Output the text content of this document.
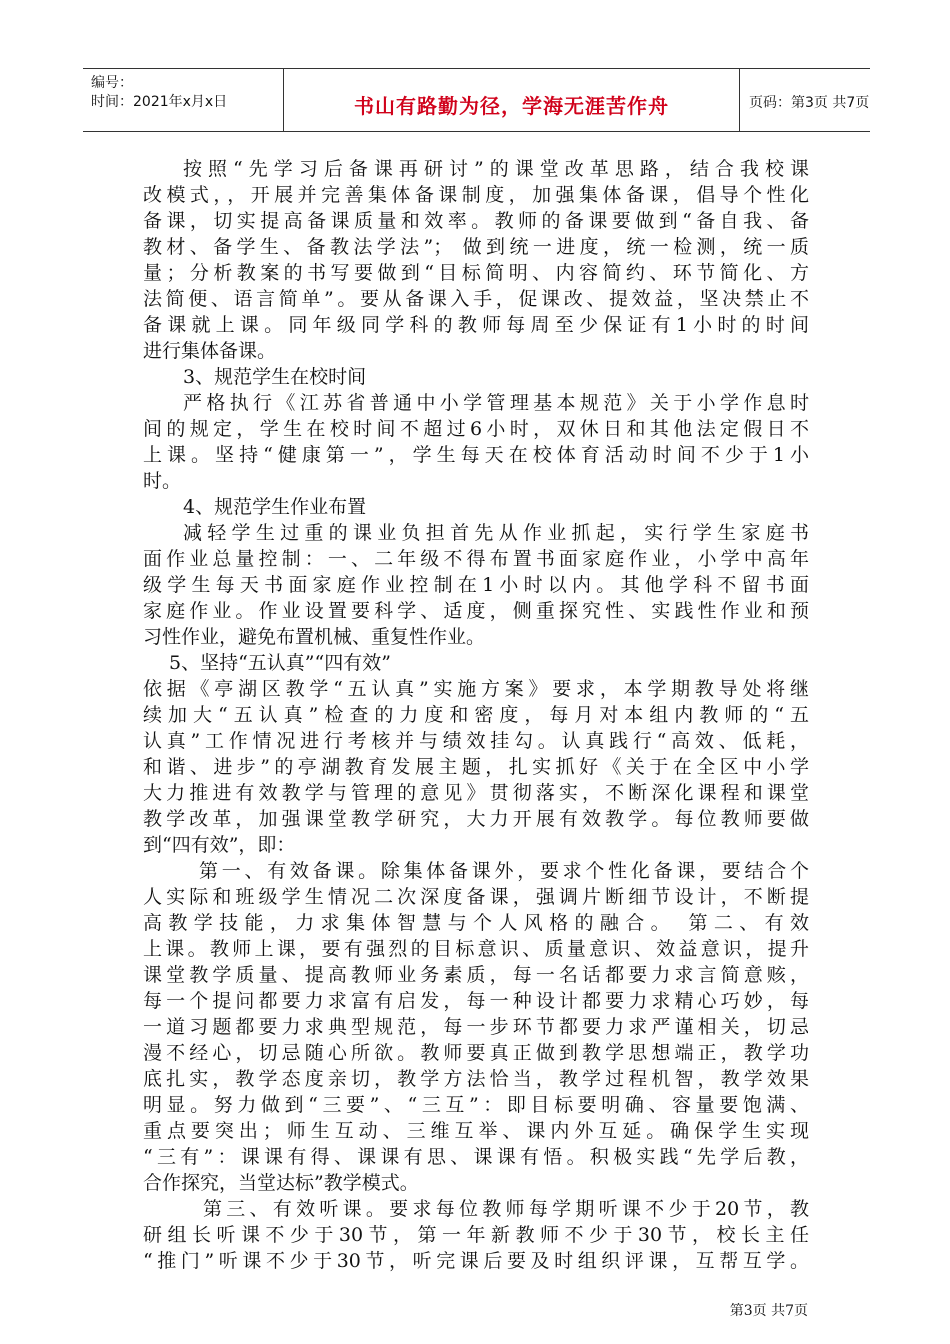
编号：
时间：2021年x月x日	书山有路勤为径，学海无涯苦作舟	页码：第3页 共7页
按照“先学习后备课再研讨”的课堂改革思路，结合我校课
改模式，，开展并完善集体备课制度，加强集体备课，倡导个性化
备课，切实提高备课质量和效率。教师的备课要做到“备自我、备
教材、备学生、备教法学法”； 做到统一进度，统一检测，统一质
量；分析教案的书写要做到“目标简明、内容简约、环节简化、方
法简便、语言简单”。要从备课入手，促课改、提效益，坚决禁止不
备课就上课。同年级同学科的教师每周至少保证有1小时的时间
进行集体备课。
3、规范学生在校时间
严格执行《江苏省普通中小学管理基本规范》关于小学作息时
间的规定，学生在校时间不超过6小时，双休日和其他法定假日不
上课。坚持“健康第一”，学生每天在校体育活动时间不少于1小
时。
4、规范学生作业布置
减轻学生过重的课业负担首先从作业抓起，实行学生家庭书
面作业总量控制：一、二年级不得布置书面家庭作业，小学中高年
级学生每天书面家庭作业控制在1小时以内。其他学科不留书面
家庭作业。作业设置要科学、适度，侧重探究性、实践性作业和预
习性作业，避免布置机械、重复性作业。
5、坚持“五认真”“四有效”
依据《亭湖区教学“五认真”实施方案》要求，本学期教导处将继
续加大“五认真”检查的力度和密度，每月对本组内教师的“五
认真”工作情况进行考核并与绩效挂勾。认真践行“高效、低耗，
和谐、进步”的亭湖教育发展主题，扎实抓好《关于在全区中小学
大力推进有效教学与管理的意见》贯彻落实，不断深化课程和课堂
教学改革，加强课堂教学研究，大力开展有效教学。每位教师要做
到“四有效”，即：
第一、有效备课。除集体备课外，要求个性化备课，要结合个
人实际和班级学生情况二次深度备课，强调片断细节设计，不断提
高教学技能，力求集体智慧与个人风格的融合。 第二、有效
上课。教师上课，要有强烈的目标意识、质量意识、效益意识，提升
课堂教学质量、提高教师业务素质，每一名话都要力求言简意赅，
每一个提问都要力求富有启发，每一种设计都要力求精心巧妙，每
一道习题都要力求典型规范，每一步环节都要力求严谨相关，切忌
漫不经心，切忌随心所欲。教师要真正做到教学思想端正，教学功
底扎实，教学态度亲切，教学方法恰当，教学过程机智，教学效果
明显。努力做到“三要”、“三互”：即目标要明确、容量要饱满、
重点要突出；师生互动、三维互举、课内外互延。确保学生实现
“三有”：课课有得、课课有思、课课有悟。积极实践“先学后教，
合作探究，当堂达标”教学模式。
第三、有效听课。要求每位教师每学期听课不少于20节，教
研组长听课不少于30节，第一年新教师不少于30节，校长主任
“推门”听课不少于30节，听完课后要及时组织评课，互帮互学。
第3页 共7页
